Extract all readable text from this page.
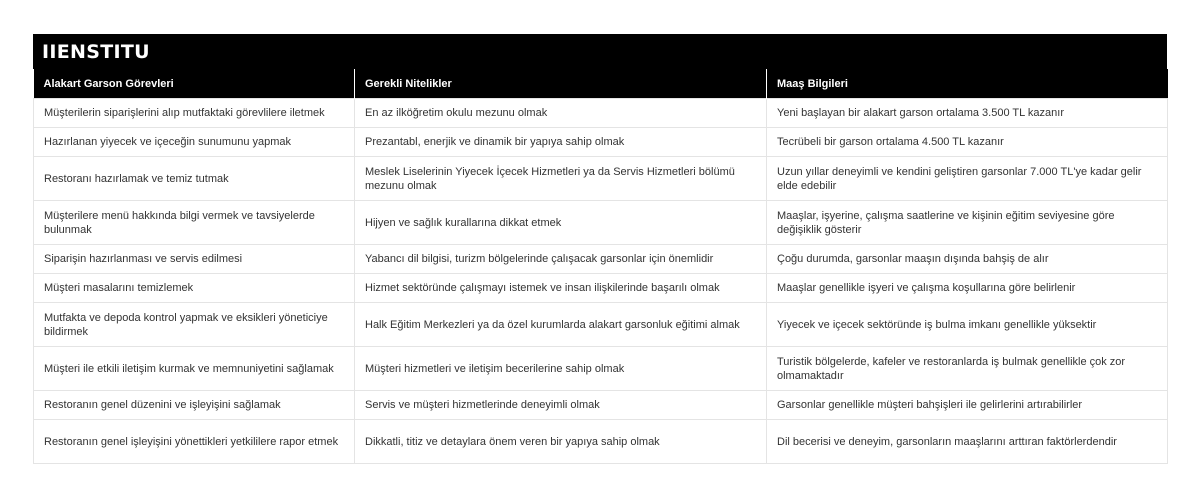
IIENSTITU
Alakart Garson Görevleri	Gerekli Nitelikler	Maaş Bilgileri
Müşterilerin siparişlerini alıp mutfaktaki görevlilere iletmek	En az ilköğretim okulu mezunu olmak	Yeni başlayan bir alakart garson ortalama 3.500 TL kazanır
Hazırlanan yiyecek ve içeceğin sunumunu yapmak	Prezantabl, enerjik ve dinamik bir yapıya sahip olmak	Tecrübeli bir garson ortalama 4.500 TL kazanır
Restoranı hazırlamak ve temiz tutmak	Meslek Liselerinin Yiyecek İçecek Hizmetleri ya da Servis Hizmetleri bölümü mezunu olmak	Uzun yıllar deneyimli ve kendini geliştiren garsonlar 7.000 TL'ye kadar gelir elde edebilir
Müşterilere menü hakkında bilgi vermek ve tavsiyelerde bulunmak	Hijyen ve sağlık kurallarına dikkat etmek	Maaşlar, işyerine, çalışma saatlerine ve kişinin eğitim seviyesine göre değişiklik gösterir
Siparişin hazırlanması ve servis edilmesi	Yabancı dil bilgisi, turizm bölgelerinde çalışacak garsonlar için önemlidir	Çoğu durumda, garsonlar maaşın dışında bahşiş de alır
Müşteri masalarını temizlemek	Hizmet sektöründe çalışmayı istemek ve insan ilişkilerinde başarılı olmak	Maaşlar genellikle işyeri ve çalışma koşullarına göre belirlenir
Mutfakta ve depoda kontrol yapmak ve eksikleri yöneticiye bildirmek	Halk Eğitim Merkezleri ya da özel kurumlarda alakart garsonluk eğitimi almak	Yiyecek ve içecek sektöründe iş bulma imkanı genellikle yüksektir
Müşteri ile etkili iletişim kurmak ve memnuniyetini sağlamak	Müşteri hizmetleri ve iletişim becerilerine sahip olmak	Turistik bölgelerde, kafeler ve restoranlarda iş bulmak genellikle çok zor olmamaktadır
Restoranın genel düzenini ve işleyişini sağlamak	Servis ve müşteri hizmetlerinde deneyimli olmak	Garsonlar genellikle müşteri bahşişleri ile gelirlerini artırabilirler
Restoranın genel işleyişini yönettikleri yetkililere rapor etmek	Dikkatli, titiz ve detaylara önem veren bir yapıya sahip olmak	Dil becerisi ve deneyim, garsonların maaşlarını arttıran faktörlerdendir
